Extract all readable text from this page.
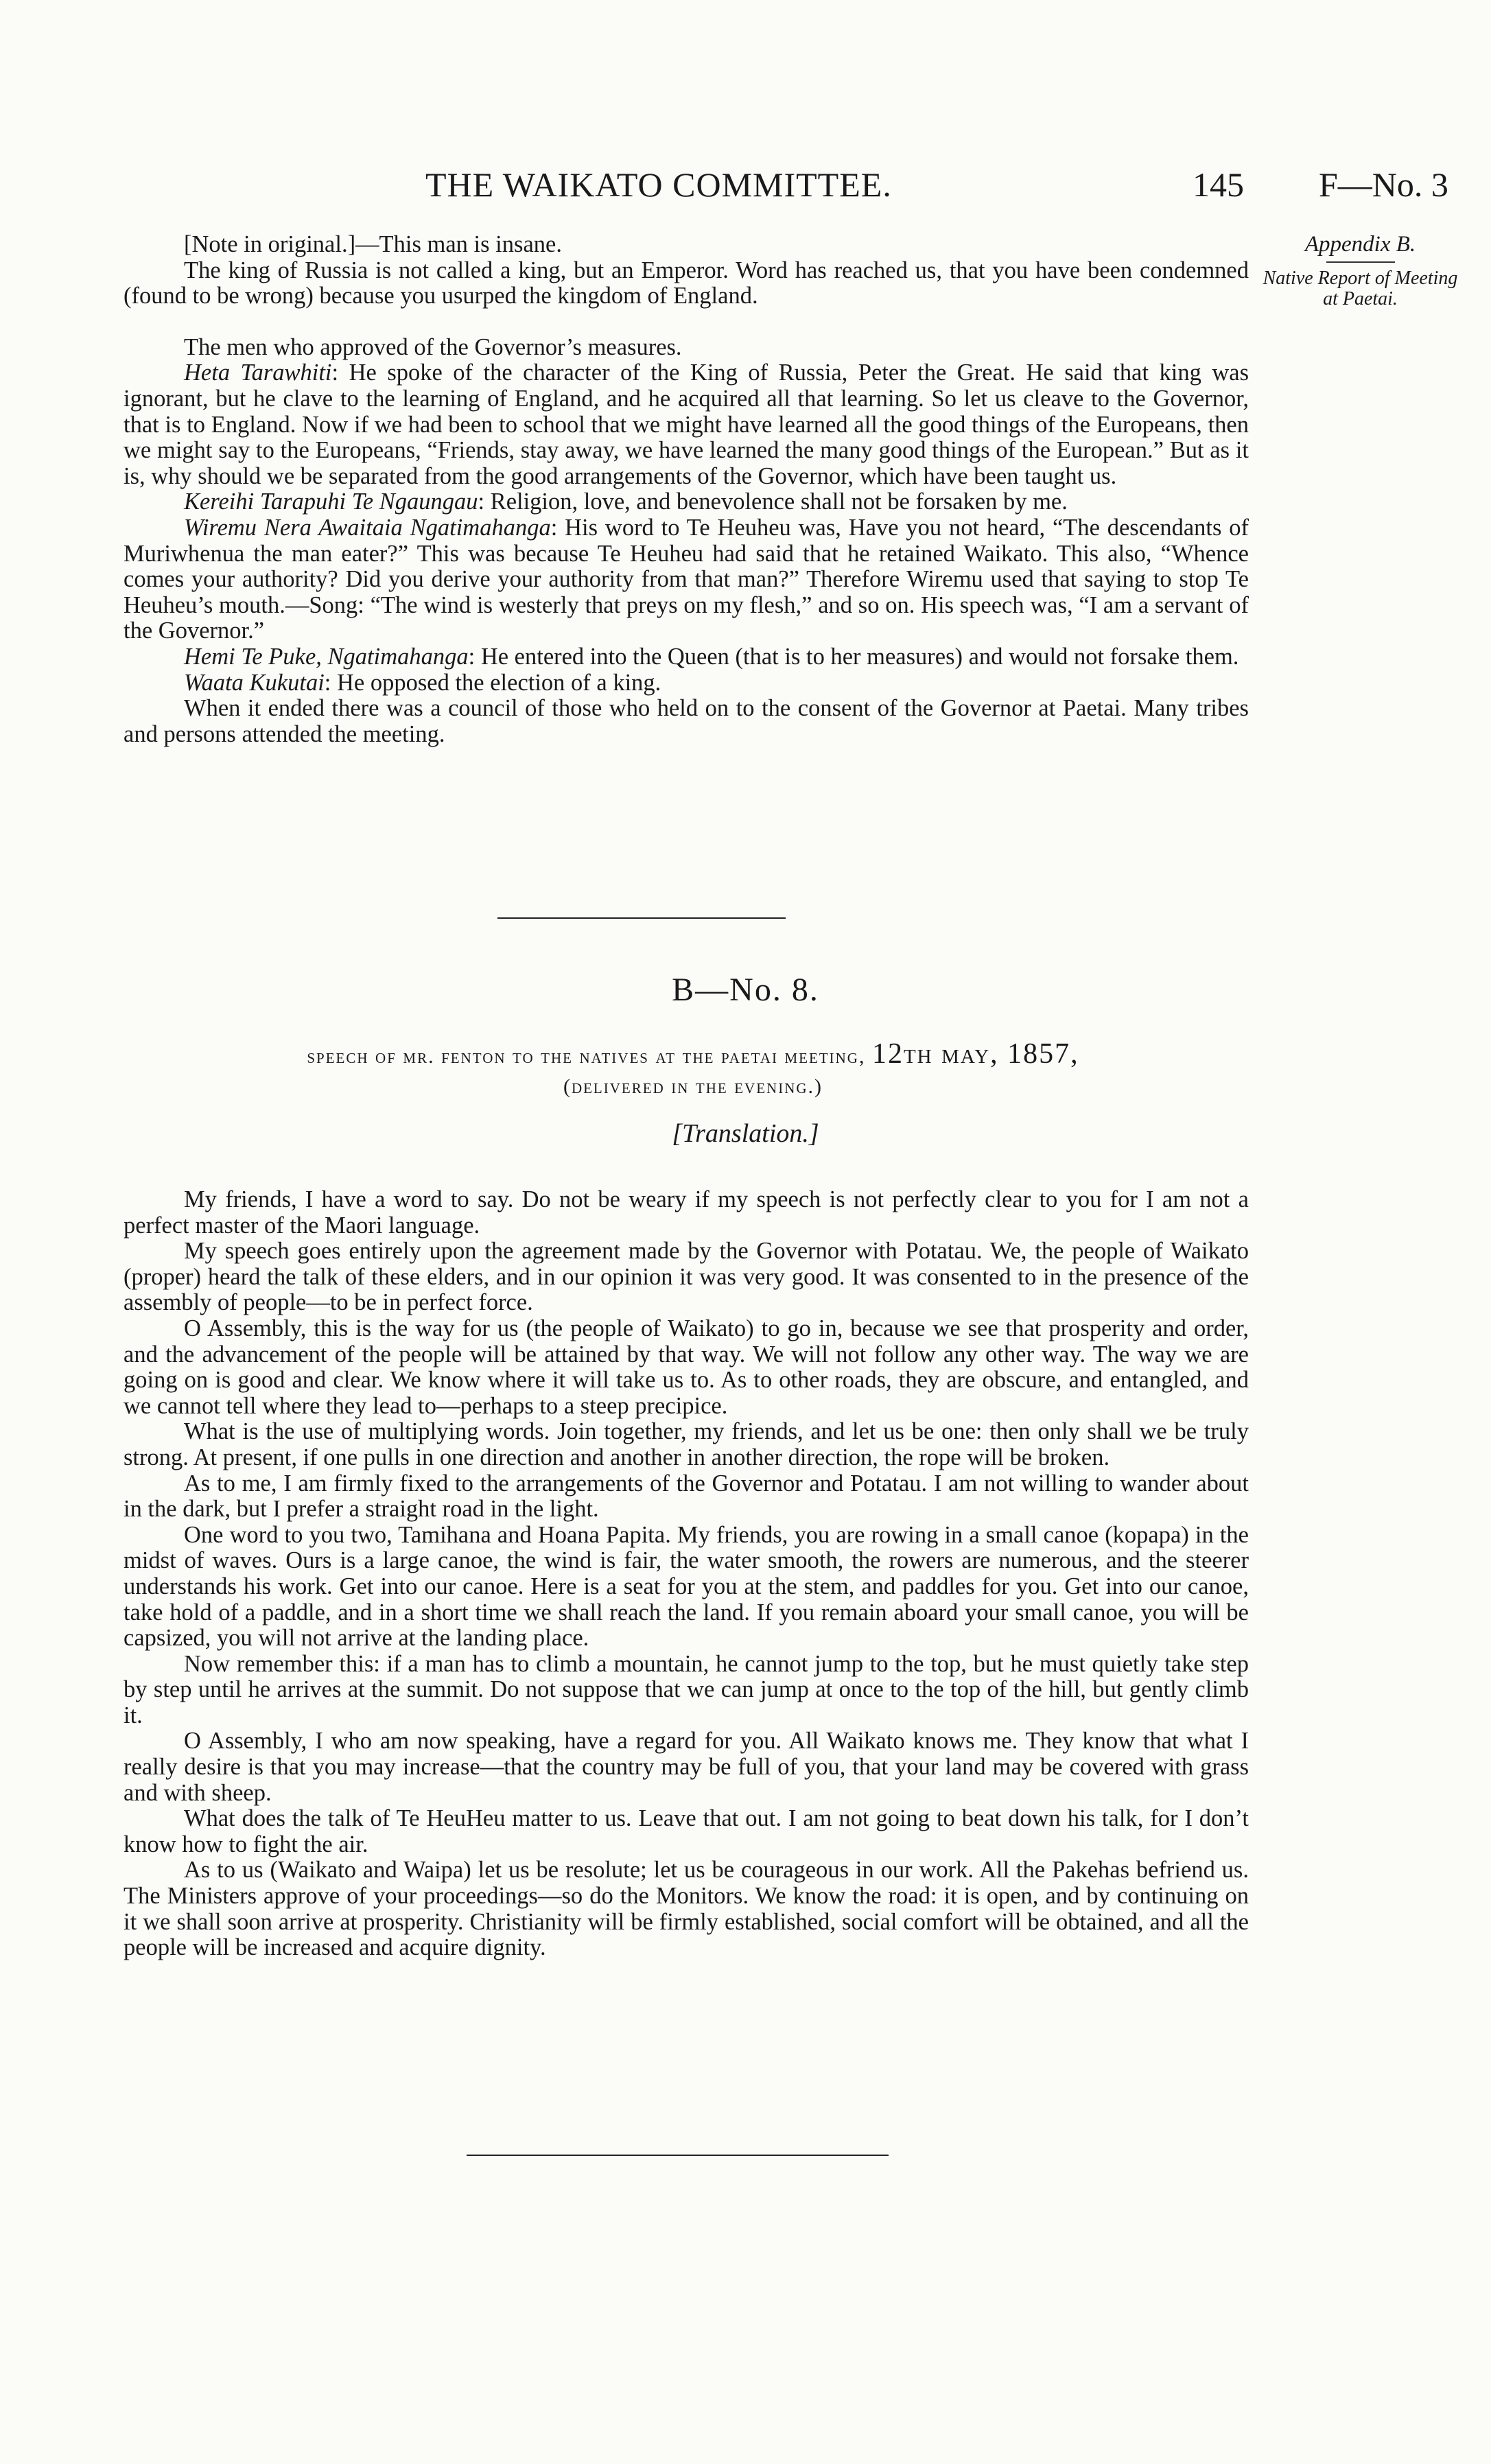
THE WAIKATO COMMITTEE.	145 F—No. 3
Appendix B.
Native Report of Meeting at Paetai.

[Note in original.]—This man is insane.

The king of Russia is not called a king, but an Emperor. Word has reached us, that you have been condemned (found to be wrong) because you usurped the kingdom of England.

The men who approved of the Governor’s measures.

Heta Tarawhiti: He spoke of the character of the King of Russia, Peter the Great. He said that king was ignorant, but he clave to the learning of England, and he acquired all that learning. So let us cleave to the Governor, that is to England. Now if we had been to school that we might have learned all the good things of the Europeans, then we might say to the Europeans, “Friends, stay away, we have learned the many good things of the European.” But as it is, why should we be separated from the good arrangements of the Governor, which have been taught us.

Kereihi Tarapuhi Te Ngaungau: Religion, love, and benevolence shall not be forsaken by me.

Wiremu Nera Awaitaia Ngatimahanga: His word to Te Heuheu was, Have you not heard, “The descendants of Muriwhenua the man eater?” This was because Te Heuheu had said that he retained Waikato. This also, “Whence comes your authority? Did you derive your authority from that man?” Therefore Wiremu used that saying to stop Te Heuheu’s mouth.—Song: “The wind is westerly that preys on my flesh,” and so on. His speech was, “I am a servant of the Governor.”

Hemi Te Puke, Ngatimahanga: He entered into the Queen (that is to her measures) and would not forsake them.

Waata Kukutai: He opposed the election of a king.

When it ended there was a council of those who held on to the consent of the Governor at Paetai. Many tribes and persons attended the meeting.

B—No. 8.
speech of mr. fenton to the natives at the paetai meeting, 12th may, 1857,
(delivered in the evening.)
[Translation.]

My friends, I have a word to say. Do not be weary if my speech is not perfectly clear to you for I am not a perfect master of the Maori language.

My speech goes entirely upon the agreement made by the Governor with Potatau. We, the people of Waikato (proper) heard the talk of these elders, and in our opinion it was very good. It was consented to in the presence of the assembly of people—to be in perfect force.

O Assembly, this is the way for us (the people of Waikato) to go in, because we see that prosperity and order, and the advancement of the people will be attained by that way. We will not follow any other way. The way we are going on is good and clear. We know where it will take us to. As to other roads, they are obscure, and entangled, and we cannot tell where they lead to—perhaps to a steep precipice.

What is the use of multiplying words. Join together, my friends, and let us be one: then only shall we be truly strong. At present, if one pulls in one direction and another in another direction, the rope will be broken.

As to me, I am firmly fixed to the arrangements of the Governor and Potatau. I am not willing to wander about in the dark, but I prefer a straight road in the light.

One word to you two, Tamihana and Hoana Papita. My friends, you are rowing in a small canoe (kopapa) in the midst of waves. Ours is a large canoe, the wind is fair, the water smooth, the rowers are numerous, and the steerer understands his work. Get into our canoe. Here is a seat for you at the stem, and paddles for you. Get into our canoe, take hold of a paddle, and in a short time we shall reach the land. If you remain aboard your small canoe, you will be capsized, you will not arrive at the landing place.

Now remember this: if a man has to climb a mountain, he cannot jump to the top, but he must quietly take step by step until he arrives at the summit. Do not suppose that we can jump at once to the top of the hill, but gently climb it.

O Assembly, I who am now speaking, have a regard for you. All Waikato knows me. They know that what I really desire is that you may increase—that the country may be full of you, that your land may be covered with grass and with sheep.

What does the talk of Te HeuHeu matter to us. Leave that out. I am not going to beat down his talk, for I don’t know how to fight the air.

As to us (Waikato and Waipa) let us be resolute; let us be courageous in our work. All the Pakehas befriend us. The Ministers approve of your proceedings—so do the Monitors. We know the road: it is open, and by continuing on it we shall soon arrive at prosperity. Christianity will be firmly established, social comfort will be obtained, and all the people will be increased and acquire dignity.
